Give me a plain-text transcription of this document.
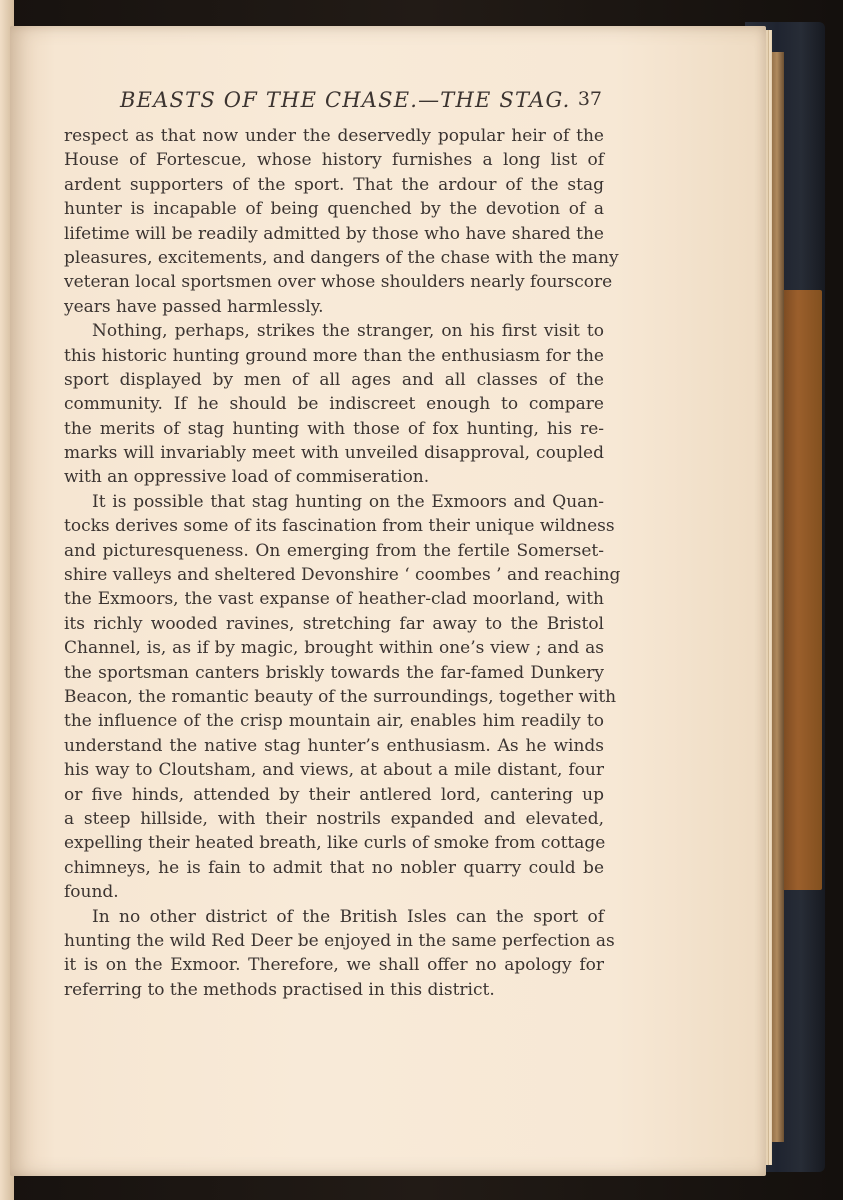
BEASTS OF THE CHASE.—THE STAG. 37
respect as that now under the deservedly popular heir of the
House of Fortescue, whose history furnishes a long list of
ardent supporters of the sport. That the ardour of the stag
hunter is incapable of being quenched by the devotion of a
lifetime will be readily admitted by those who have shared the
pleasures, excitements, and dangers of the chase with the many
veteran local sportsmen over whose shoulders nearly fourscore
years have passed harmlessly.
Nothing, perhaps, strikes the stranger, on his first visit to
this historic hunting ground more than the enthusiasm for the
sport displayed by men of all ages and all classes of the
community. If he should be indiscreet enough to compare
the merits of stag hunting with those of fox hunting, his re-
marks will invariably meet with unveiled disapproval, coupled
with an oppressive load of commiseration.
It is possible that stag hunting on the Exmoors and Quan-
tocks derives some of its fascination from their unique wildness
and picturesqueness. On emerging from the fertile Somerset-
shire valleys and sheltered Devonshire ‘ coombes ’ and reaching
the Exmoors, the vast expanse of heather-clad moorland, with
its richly wooded ravines, stretching far away to the Bristol
Channel, is, as if by magic, brought within one’s view ; and as
the sportsman canters briskly towards the far-famed Dunkery
Beacon, the romantic beauty of the surroundings, together with
the influence of the crisp mountain air, enables him readily to
understand the native stag hunter’s enthusiasm. As he winds
his way to Cloutsham, and views, at about a mile distant, four
or five hinds, attended by their antlered lord, cantering up
a steep hillside, with their nostrils expanded and elevated,
expelling their heated breath, like curls of smoke from cottage
chimneys, he is fain to admit that no nobler quarry could be
found.
In no other district of the British Isles can the sport of
hunting the wild Red Deer be enjoyed in the same perfection as
it is on the Exmoor. Therefore, we shall offer no apology for
referring to the methods practised in this district.
